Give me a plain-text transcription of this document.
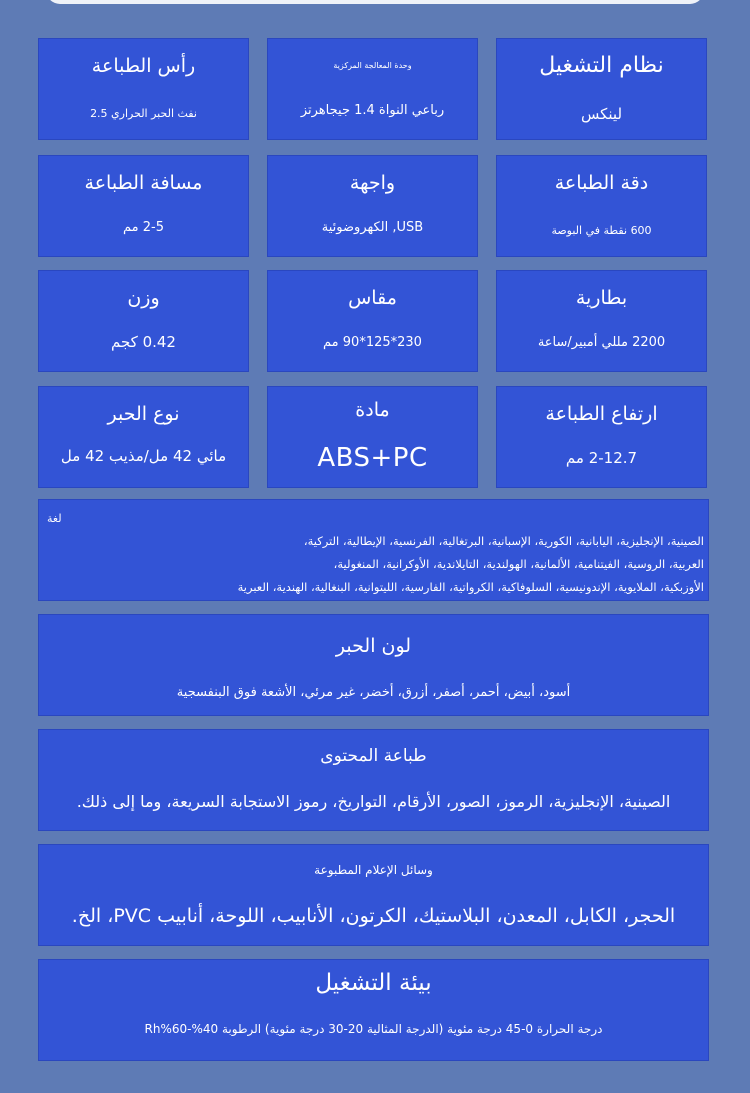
رأس الطباعة
نفث الحبر الحراري 2.5
وحدة المعالجة المركزية
رباعي النواة 1.4 جيجاهرتز
نظام التشغيل
لينكس
مسافة الطباعة
2-5 مم
واجهة
USB, الكهروضوئية
دقة الطباعة
600 نقطة في البوصة
وزن
0.42 كجم
مقاس
230*125*90 مم
بطارية
2200 مللي أمبير/ساعة
نوع الحبر
مائي 42 مل/مذيب 42 مل
مادة
ABS+PC
ارتفاع الطباعة
2-12.7 مم
لغة
الصينية، الإنجليزية، اليابانية، الكورية، الإسبانية، البرتغالية، الفرنسية، الإيطالية، التركية،
العربية، الروسية، الفيتنامية، الألمانية، الهولندية، التايلاندية، الأوكرانية، المنغولية،
الأوزبكية، الملايوية، الإندونيسية، السلوفاكية، الكرواتية، الفارسية، الليتوانية، البنغالية، الهندية، العبرية
لون الحبر
أسود، أبيض، أحمر، أصفر، أزرق، أخضر، غير مرئي، الأشعة فوق البنفسجية
طباعة المحتوى
الصينية، الإنجليزية، الرموز، الصور، الأرقام، التواريخ، رموز الاستجابة السريعة، وما إلى ذلك.
وسائل الإعلام المطبوعة
الحجر، الكابل، المعدن، البلاستيك، الكرتون، الأنابيب، اللوحة، أنابيب PVC، الخ.
بيئة التشغيل
درجة الحرارة 0-45 درجة مئوية (الدرجة المثالية 20-30 درجة مئوية) الرطوبة 40%-60%Rh
